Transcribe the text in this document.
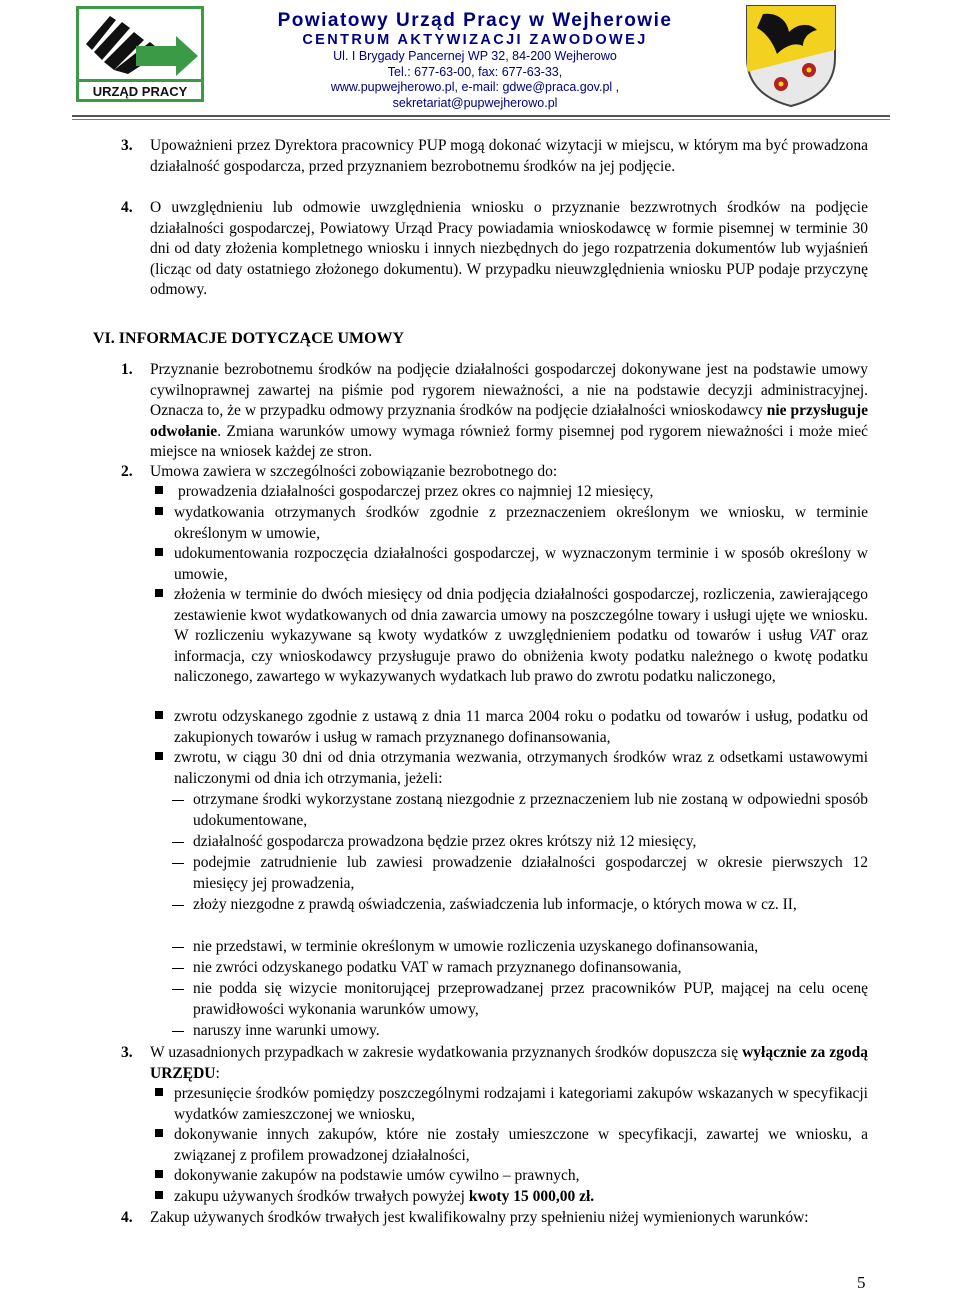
URZĄD PRACY
Powiatowy Urząd Pracy w Wejherowie
CENTRUM AKTYWIZACJI ZAWODOWEJ
Ul. I Brygady Pancernej WP 32, 84-200 Wejherowo
Tel.: 677-63-00, fax: 677-63-33,
www.pupwejherowo.pl, e-mail: gdwe@praca.gov.pl ,
sekretariat@pupwejherowo.pl
3. Upoważnieni przez Dyrektora pracownicy PUP mogą dokonać wizytacji w miejscu, w którym ma być prowadzona działalność gospodarcza, przed przyznaniem bezrobotnemu środków na jej podjęcie.
4. O uwzględnieniu lub odmowie uwzględnienia wniosku o przyznanie bezzwrotnych środków na podjęcie działalności gospodarczej, Powiatowy Urząd Pracy powiadamia wnioskodawcę w formie pisemnej w terminie 30 dni od daty złożenia kompletnego wniosku i innych niezbędnych do jego rozpatrzenia dokumentów lub wyjaśnień (licząc od daty ostatniego złożonego dokumentu). W przypadku nieuwzględnienia wniosku PUP podaje przyczynę odmowy.
VI. INFORMACJE DOTYCZĄCE UMOWY
1. Przyznanie bezrobotnemu środków na podjęcie działalności gospodarczej dokonywane jest na podstawie umowy cywilnoprawnej zawartej na piśmie pod rygorem nieważności, a nie na podstawie decyzji administracyjnej. Oznacza to, że w przypadku odmowy przyznania środków na podjęcie działalności wnioskodawcy nie przysługuje odwołanie. Zmiana warunków umowy wymaga również formy pisemnej pod rygorem nieważności i może mieć miejsce na wniosek każdej ze stron.
2. Umowa zawiera w szczególności zobowiązanie bezrobotnego do:
prowadzenia działalności gospodarczej przez okres co najmniej 12 miesięcy,
wydatkowania otrzymanych środków zgodnie z przeznaczeniem określonym we wniosku, w terminie określonym w umowie,
udokumentowania rozpoczęcia działalności gospodarczej, w wyznaczonym terminie i w sposób określony w umowie,
złożenia w terminie do dwóch miesięcy od dnia podjęcia działalności gospodarczej, rozliczenia, zawierającego zestawienie kwot wydatkowanych od dnia zawarcia umowy na poszczególne towary i usługi ujęte we wniosku. W rozliczeniu wykazywane są kwoty wydatków z uwzględnieniem podatku od towarów i usług VAT oraz informacja, czy wnioskodawcy przysługuje prawo do obniżenia kwoty podatku należnego o kwotę podatku naliczonego, zawartego w wykazywanych wydatkach lub prawo do zwrotu podatku naliczonego,
zwrotu odzyskanego zgodnie z ustawą z dnia 11 marca 2004 roku o podatku od towarów i usług, podatku od zakupionych towarów i usług w ramach przyznanego dofinansowania,
zwrotu, w ciągu 30 dni od dnia otrzymania wezwania, otrzymanych środków wraz z odsetkami ustawowymi naliczonymi od dnia ich otrzymania, jeżeli:
otrzymane środki wykorzystane zostaną niezgodnie z przeznaczeniem lub nie zostaną w odpowiedni sposób udokumentowane,
działalność gospodarcza prowadzona będzie przez okres krótszy niż 12 miesięcy,
podejmie zatrudnienie lub zawiesi prowadzenie działalności gospodarczej w okresie pierwszych 12 miesięcy jej prowadzenia,
złoży niezgodne z prawdą oświadczenia, zaświadczenia lub informacje, o których mowa w cz. II,
nie przedstawi, w terminie określonym w umowie rozliczenia uzyskanego dofinansowania,
nie zwróci odzyskanego podatku VAT w ramach przyznanego dofinansowania,
nie podda się wizycie monitorującej przeprowadzanej przez pracowników PUP, mającej na celu ocenę prawidłowości wykonania warunków umowy,
naruszy inne warunki umowy.
3. W uzasadnionych przypadkach w zakresie wydatkowania przyznanych środków dopuszcza się wyłącznie za zgodą URZĘDU:
przesunięcie środków pomiędzy poszczególnymi rodzajami i kategoriami zakupów wskazanych w specyfikacji wydatków zamieszczonej we wniosku,
dokonywanie innych zakupów, które nie zostały umieszczone w specyfikacji, zawartej we wniosku, a związanej z profilem prowadzonej działalności,
dokonywanie zakupów na podstawie umów cywilno – prawnych,
zakupu używanych środków trwałych powyżej kwoty 15 000,00 zł.
4. Zakup używanych środków trwałych jest kwalifikowalny przy spełnieniu niżej wymienionych warunków:
5
